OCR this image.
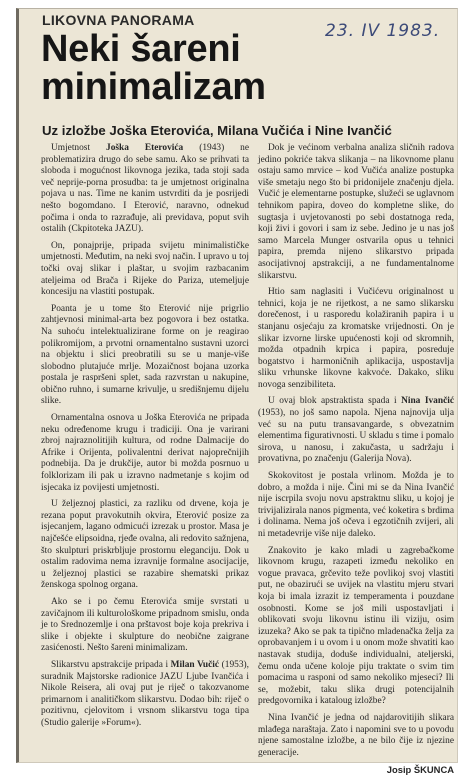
LIKOVNA PANORAMA
23. IV 1983.
Neki šareni minimalizam
Uz izložbe Joška Eterovića, Milana Vučića i Nine Ivančić

Umjetnost Joška Eterovića (1943) ne problematizira drugo do sebe samu. Ako se prihvati ta sloboda i mogućnost likovnoga jezika, tada stoji sada več neprije-porna prosudba: ta je umjetnost originalna pojava u nas. Time ne kanim ustvrditi da je posrijedi nešto bogomdano. I Eterović, naravno, odnekud počima i onda to razrađuje, ali previdava, poput svih ostalih (Ckpitoteka JAZU).

On, ponajprije, pripada svijetu minimalističke umjetnosti. Međutim, na neki svoj način. I upravo u toj točki ovaj slikar i plaštar, u svojim razbacanim ateljeima od Brača i Rijeke do Pariza, utemeljuje koncesiju na vlastiti postupak.

Poanta je u tome što Eterović nije prigrlio zahtjevnosi minimal-arta bez pogovora i bez ostatka. Na suhoću intelektualizirane forme on je reagirao polikromijom, a prvotni ornamentalno sustavni uzorci na objektu i slici preobratili su se u manje-više slobodno plutajuće mrlje. Mozaičnost bojana uzorka postala je raspršeni splet, sada razvrstan u nakupine, obično ruhno, i sumarne krivulje, u središnjemu dijelu slike.

Ornamentalna osnova u Joška Eterovića ne pripada neku određenome krugu i tradiciji. Ona je varirani zbroj najraznolitijih kultura, od rodne Dalmacije do Afrike i Orijenta, polivalentni derivat najoprečnijih podnebija. Da je drukčije, autor bi možda posrnuo u folklorizam ili pak u izravno nadmetanje s kojim od isjecaka iz povijesti umjetnosti.

U željeznoj plastici, za razliku od drvene, koja je rezana poput pravokutnih okvira, Eterović posize za isjecanjem, lagano odmicući izrezak u prostor. Masa je najčešće elipsoidna, rjeđe ovalna, ali redovito sažnjena, što skulpturi priskrbljuje prostornu eleganciju. Dok u ostalim radovima nema izravnije formalne asocijacije, u željeznoj plastici se razabire shematski prikaz ženskoga spolnog organa.

Ako se i po čemu Eterovića smije svrstati u zavičajnom ili kulturološkome pripadnom smislu, onda je to Srednozemlje i ona prštavost boje koja prekriva i slike i objekte i skulpture do neobične zaigrane zasićenosti. Nešto šareni minimalizam.

Slikarstvu apstrakcije pripada i Milan Vučić (1953), suradnik Majstorske radionice JAZU Ljube Ivančića i Nikole Reisera, ali ovaj put je riječ o takozvanome primarnom i analitičkom slikarstvu. Dodao bih: riječ o pozitivnu, cjelovitom i vrsnom slikarstvu toga tipa (Studio galerije »Forum«).

Dok je većinom verbalna analiza sličnih radova jedino pokriće takva slikanja – na likovnome planu ostaju samo mrvice – kod Vučića analize postupka više smetaju nego što bi pridonijele značenju djela. Vučić je elementarne postupke, služeći se uglavnom tehnikom papira, doveo do kompletne slike, do sugtasja i uvjetovanosti po sebi dostatnoga reda, koji živi i govori i sam iz sebe. Jedino je u nas još samo Marcela Munger ostvarila opus u tehnici papira, premda nijeno slikarstvo pripada asocijativnoj apstrakciji, a ne fundamentalnome slikarstvu.

Htio sam naglasiti i Vučićevu originalnost u tehnici, koja je ne rijetkost, a ne samo slikarsku dorečenost, i u rasporedu kolažiranih papira i u stanjanu osjećaju za kromatske vrijednosti. On je slikar izvorne lirske upućenosti koji od skromnih, možda otpadnih krpica i papira, posreduje bogatstvo i harmoničnih aplikacija, uspostavlja sliku vrhunske likovne kakvoće. Dakako, sliku novoga senzibiliteta.

U ovaj blok apstraktista spada i Nina Ivančić (1953), no još samo napola. Njena najnovija ulja već su na putu transavangarde, s obvezatnim elementima figurativnosti. U skladu s time i pomalo sirova, u nanosu, i zakučasta, u sadržaju i provativna, po značenju (Galerija Nova).

Skokovitost je postala vrlinom. Možda je to dobro, a možda i nije. Čini mi se da Nina Ivančić nije iscrpila svoju novu apstraktnu sliku, u kojoj je trivijalizirala nanos pigmenta, već koketira s brdima i dolinama. Nema još očeva i egzotičnih zvijeri, ali ni metadevrije više nije daleko.

Znakovito je kako mladi u zagrebačkome likovnom krugu, razapeti između nekoliko en vogue pravaca, grčevito teže povlikoj svoj vlastiti put, ne obazirući se uvijek na vlastitu mjeru stvari koja bi imala izrazit iz temperamenta i pouzdane osobnosti. Kome se još mili uspostavljati i oblikovati svoju likovnu istinu ili viziju, osim izuzeka? Ako se pak ta tipično mladenačka želja za oprobavanjem i u ovom i u onom može shvatiti kao nastavak studija, doduše individualni, ateljerski, čemu onda učene koloje piju traktate o svim tim pomacima u rasponi od samo nekoliko mjeseci? Ili se, možebit, taku slika drugi potencijalnih predgovornika i kataloug izložbe?

Nina Ivančić je jedna od najdarovitijih slikara mlađega naraštaja. Zato i napomini sve to u povodu njene samostalne izložbe, a ne bilo čije iz njezine generacije.

Josip ŠKUNCA
